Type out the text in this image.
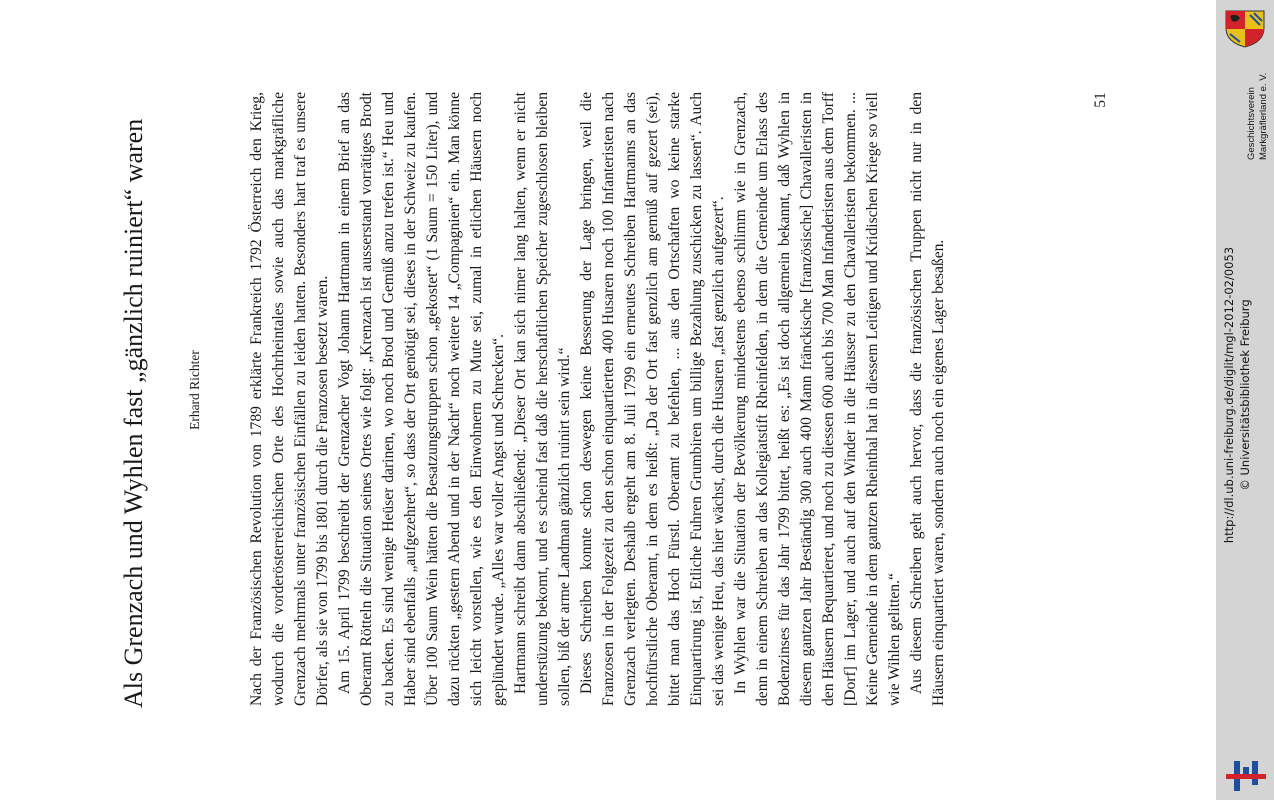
Als Grenzach und Wyhlen fast „gänzlich ruiniert“ waren	Erhard Richter	Nach der Französischen Revolution von 1789 erklärte Frankreich 1792 Österreich den Krieg, wodurch die vorderösterreichischen Orte des Hochrheintales sowie auch das markgräfliche Grenzach mehrmals unter französischen Einfällen zu leiden hatten. Besonders hart traf es unsere Dörfer, als sie von 1799 bis 1801 durch die Franzosen besetzt waren. Am 15. April 1799 beschreibt der Grenzacher Vogt Johann Hartmann in einem Brief an das Oberamt Rötteln die Situation seines Ortes wie folgt: „Krenzach ist ausserstand vorrätiges Brodt zu backen. Es sind wenige Heüser darinen, wo noch Brod und Gemüß anzu trefen ist.“ Heu und Haber sind ebenfalls „aufgezehret“, so dass der Ort genötigt sei, dieses in der Schweiz zu kaufen. Über 100 Saum Wein hätten die Besatzungstruppen schon „gekostet“ (1 Saum = 150 Liter), und dazu rückten „gestern Abend und in der Nacht“ noch weitere 14 „Compagnien“ ein. Man könne sich leicht vorstellen, wie es den Einwohnern zu Mute sei, zumal in etlichen Häusern noch geplündert wurde. „Alles war voller Angst und Schrecken“. Hartmann schreibt dann abschließend: „Dieser Ort kan sich nimer lang halten, wenn er nicht understüzung bekomt, und es scheind fast daß die herschaftlichen Speicher zugeschlosen bleiben sollen, biß der arme Landman gänzlich ruinirt sein wird.“ Dieses Schreiben konnte schon deswegen keine Besserung der Lage bringen, weil die Franzosen in der Folgezeit zu den schon einquartierten 400 Husaren noch 100 Infanteristen nach Grenzach verlegten. Deshalb ergeht am 8. Juli 1799 ein erneutes Schreiben Hartmanns an das hochfürstliche Oberamt, in dem es heißt: „Da der Ort fast genzlich am gemüß auf gezert (sei), bittet man das Hoch Fürstl. Oberamt zu befehlen, ... aus den Ortschaften wo keine starke Einquartirung ist, Etliche Fuhren Grumbiren um billige Bezahlung zuschicken zu lassen“. Auch sei das wenige Heu, das hier wächst, durch die Husaren „fast genzlich aufgezert“. In Wyhlen war die Situation der Bevölkerung mindestens ebenso schlimm wie in Grenzach, denn in einem Schreiben an das Kollegiatstift Rheinfelden, in dem die Gemeinde um Erlass des Bodenzinses für das Jahr 1799 bittet, heißt es: „Es ist doch allgemein bekannt, daß Wyhlen in diesem gantzen Jahr Beständig 300 auch 400 Mann fränckische [französische] Chavalleristen in den Häusern Bequartieret, und noch zu diessen 600 auch bis 700 Man Infanderisten aus dem Torff [Dorf] im Lager, und auch auf den Winder in die Häusser zu den Chavalleristen bekommen. ... Keine Gemeinde in dem gantzen Rheinthal hat in diessem Leitigen und Kridischen Kriege so viell wie Wihlen gelitten.“ Aus diesem Schreiben geht auch hervor, dass die französischen Truppen nicht nur in den Häusern einquartiert waren, sondern auch noch ein eigenes Lager besaßen.

51
http://dl.ub.uni-freiburg.de/diglit/mgl-2012-02/0053 © Universitätsbibliothek Freiburg
Geschichtsverein Markgräflerland e. V.
